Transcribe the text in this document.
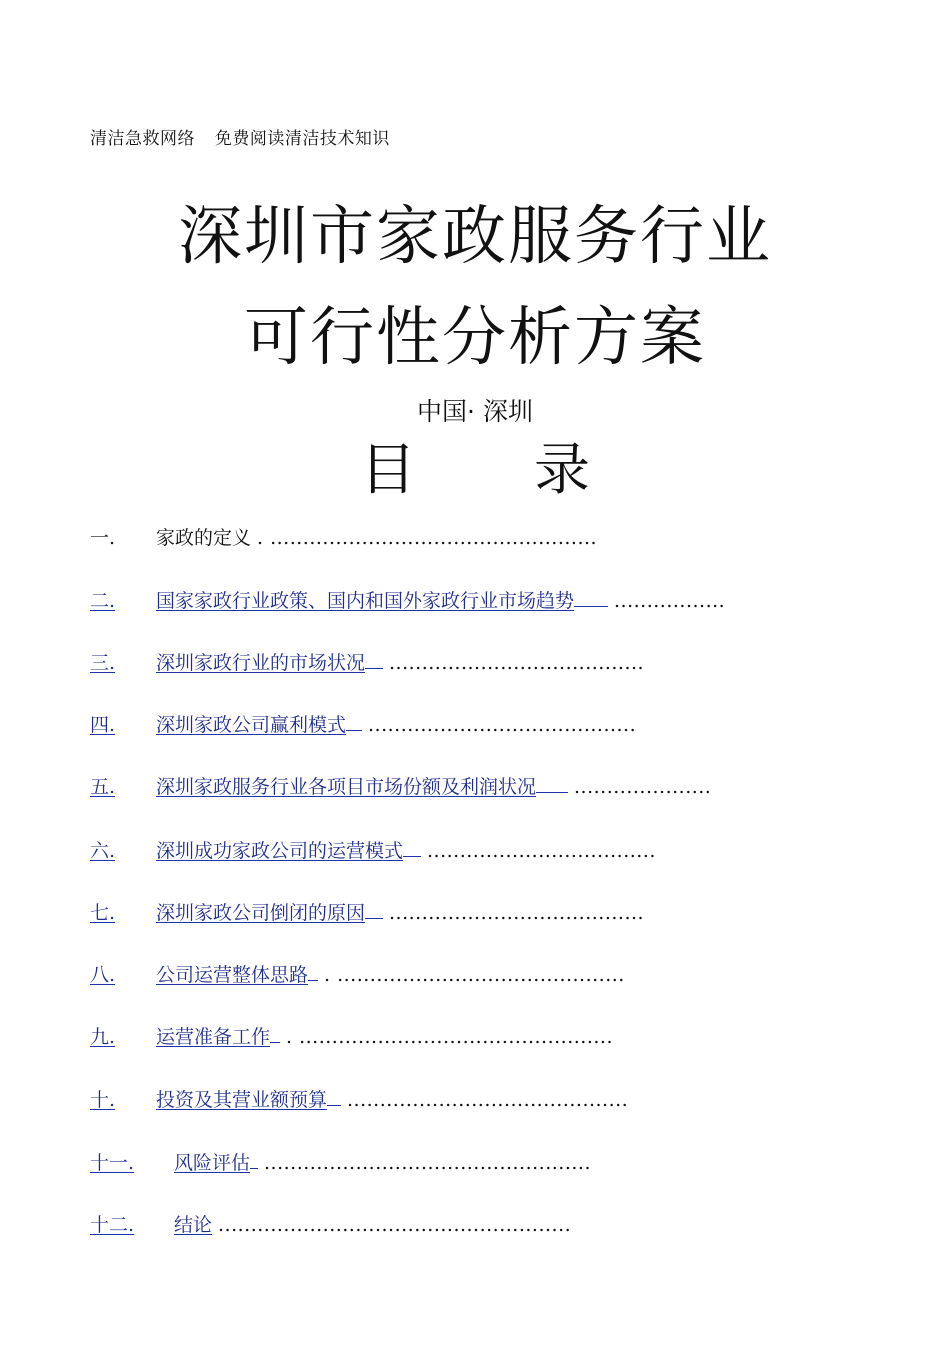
清洁急救网络 免费阅读清洁技术知识
深圳市家政服务行业
可行性分析方案
中国· 深圳
目 录
一. 家政的定义 . ..................................................
二. 国家家政行业政策、国内和国外家政行业市场趋势 .................
三. 深圳家政行业的市场状况 .......................................
四. 深圳家政公司赢利模式 .........................................
五. 深圳家政服务行业各项目市场份额及利润状况 .....................
六. 深圳成功家政公司的运营模式 ...................................
七. 深圳家政公司倒闭的原因 .......................................
八. 公司运营整体思路 . ............................................
九. 运营准备工作 . ................................................
十. 投资及其营业额预算 ...........................................
十一. 风险评估 ..................................................
十二. 结论 ......................................................
